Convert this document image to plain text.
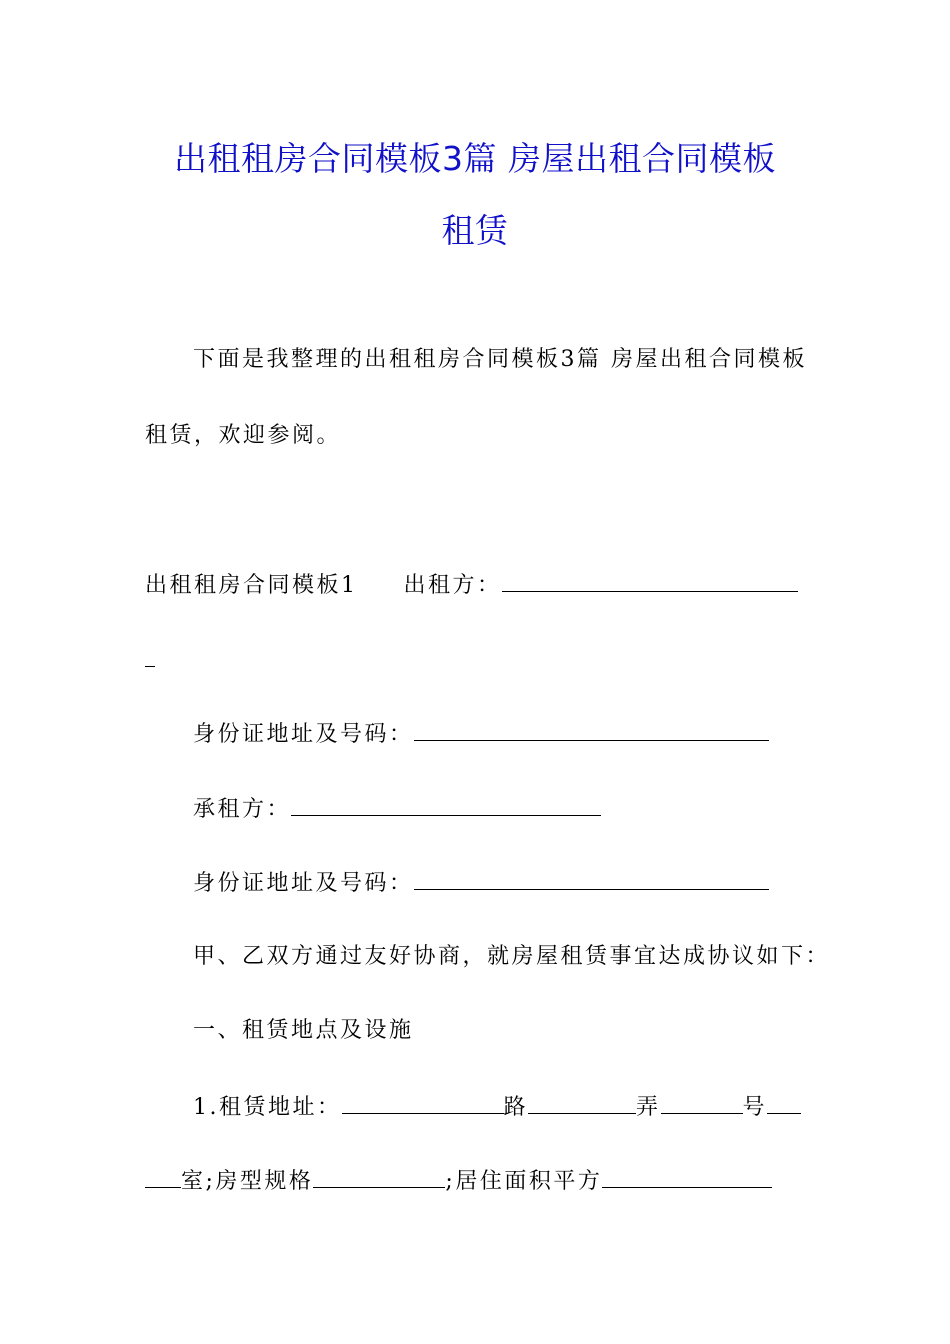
出租租房合同模板3篇 房屋出租合同模板
租赁
下面是我整理的出租租房合同模板3篇 房屋出租合同模板
租赁，欢迎参阅。
出租租房合同模板1 出租方：
身份证地址及号码：
承租方：
身份证地址及号码：
甲、乙双方通过友好协商，就房屋租赁事宜达成协议如下：
一、租赁地点及设施
1.租赁地址：	路	弄	号
室;房型规格	;居住面积平方
